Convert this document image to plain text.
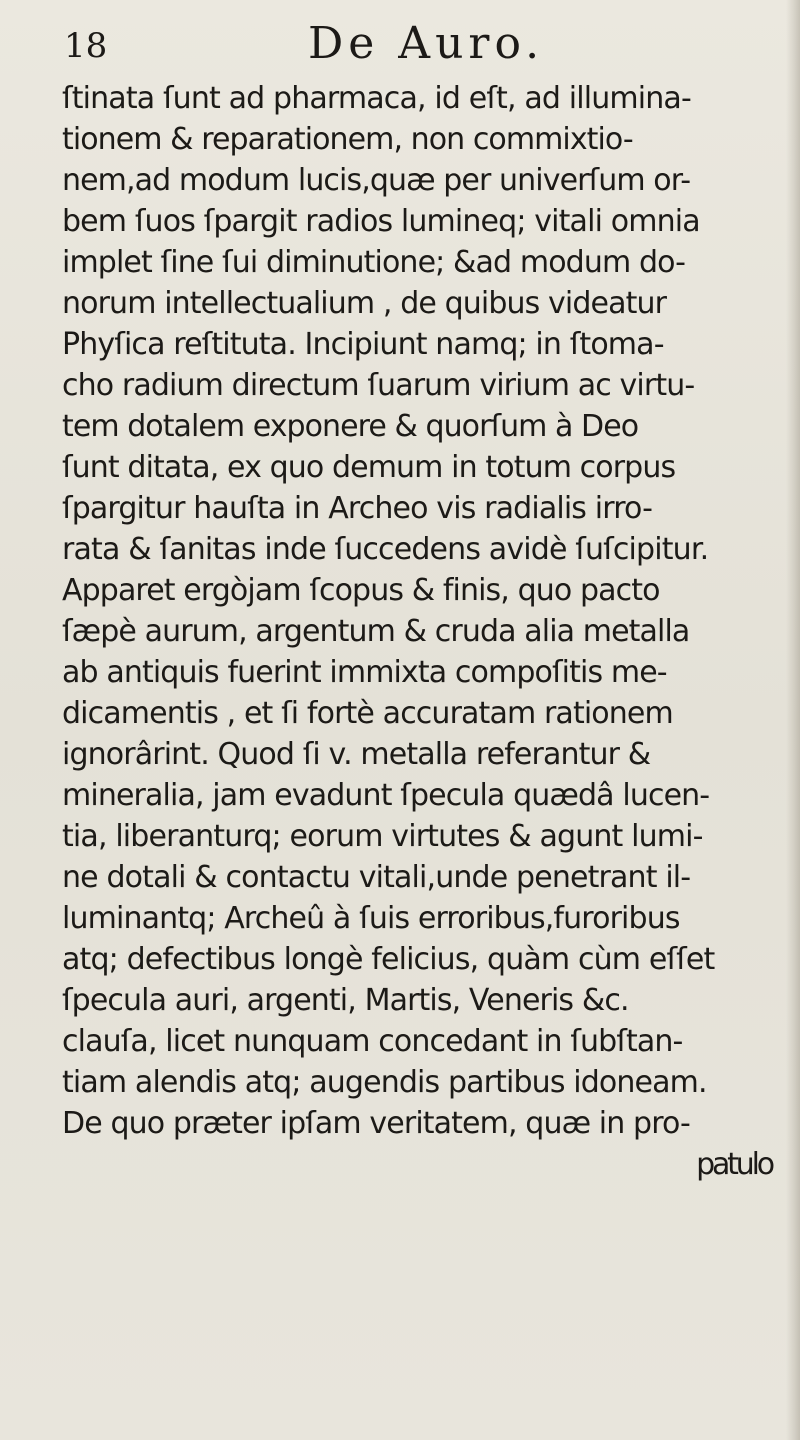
18	De Auro.
ſtinata ſunt ad pharmaca, id eſt, ad illumina-
tionem & reparationem, non commixtio-
nem,ad modum lucis,quæ per univerſum or-
bem ſuos ſpargit radios lumineq; vitali omnia
implet ſine ſui diminutione; &ad modum do-
norum intellectualium , de quibus videatur
Phyſica reſtituta. Incipiunt namq; in ſtoma-
cho radium directum ſuarum virium ac virtu-
tem dotalem exponere & quorſum à Deo
ſunt ditata, ex quo demum in totum corpus
ſpargitur hauſta in Archeo vis radialis irro-
rata & ſanitas inde ſuccedens avidè ſuſcipitur.
Apparet ergòjam ſcopus & finis, quo pacto
ſæpè aurum, argentum & cruda alia metalla
ab antiquis fuerint immixta compoſitis me-
dicamentis , et ſi fortè accuratam rationem
ignorârint. Quod ſi v. metalla referantur &
mineralia, jam evadunt ſpecula quædâ lucen-
tia, liberanturq; eorum virtutes & agunt lumi-
ne dotali & contactu vitali,unde penetrant il-
luminantq; Archeû à ſuis erroribus,furoribus
atq; defectibus longè felicius, quàm cùm eſſet
ſpecula auri, argenti, Martis, Veneris &c.
clauſa, licet nunquam concedant in ſubſtan-
tiam alendis atq; augendis partibus idoneam.
De quo præter ipſam veritatem, quæ in pro-
patulo
